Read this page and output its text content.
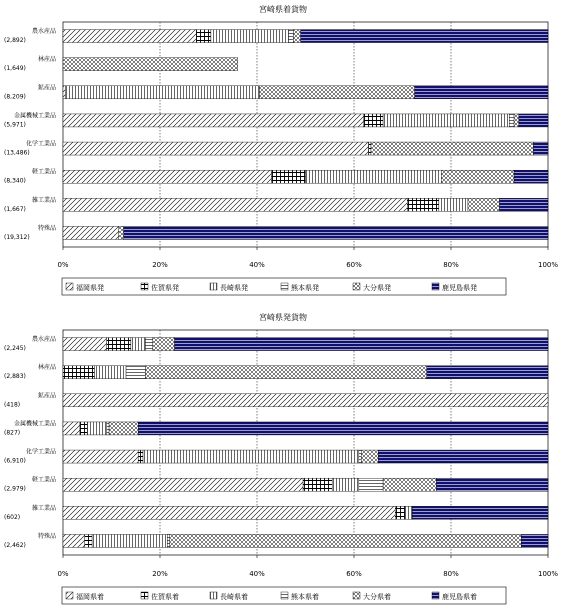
宮崎県着貨物
0%	20%	40%	60%	80%	100%
農水産品
(2,892)
林産品
(1,649)
鉱産品
(8,209)
金属機械工業品
(5,971)
化学工業品
(13,486)
軽工業品
(8,340)
雑工業品
(1,667)
特殊品
(19,312)
福岡県発	佐賀県発	長崎県発	熊本県発	大分県発	鹿児島県発
宮崎県発貨物
0%	20%	40%	60%	80%	100%
農水産品
(2,245)
林産品
(2,883)
鉱産品
(418)
金属機械工業品
(827)
化学工業品
(6,910)
軽工業品
(2,979)
雑工業品
(602)
特殊品
(2,462)
福岡県着	佐賀県着	長崎県着	熊本県着	大分県着	鹿児島県着
